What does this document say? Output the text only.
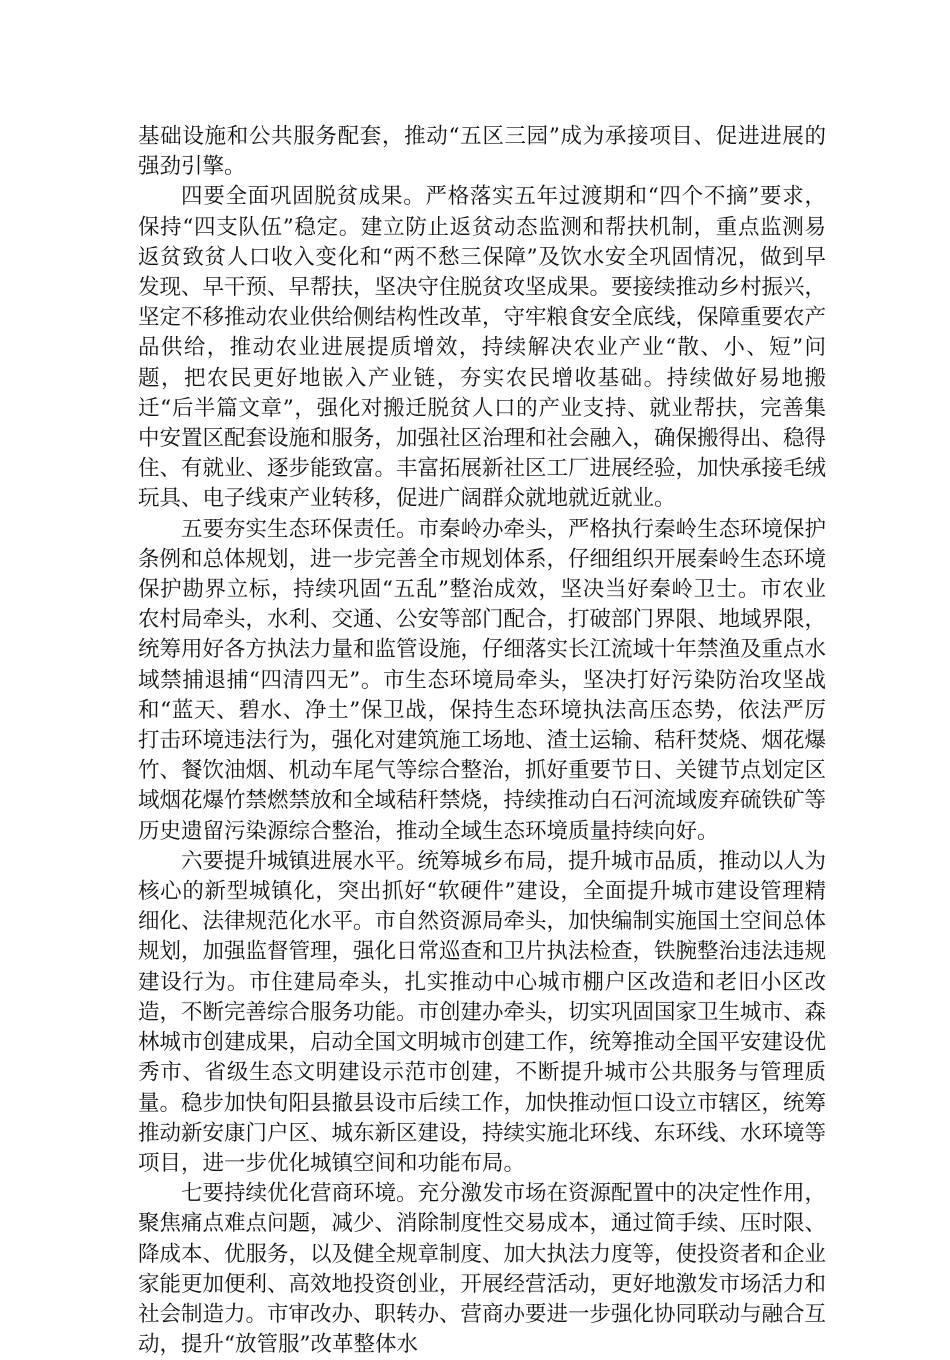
基础设施和公共服务配套，推动“五区三园”成为承接项目、促进进展的强劲引擎。

四要全面巩固脱贫成果。严格落实五年过渡期和“四个不摘”要求，保持“四支队伍”稳定。建立防止返贫动态监测和帮扶机制，重点监测易返贫致贫人口收入变化和“两不愁三保障”及饮水安全巩固情况，做到早发现、早干预、早帮扶，坚决守住脱贫攻坚成果。要接续推动乡村振兴，坚定不移推动农业供给侧结构性改革，守牢粮食安全底线，保障重要农产品供给，推动农业进展提质增效，持续解决农业产业“散、小、短”问题，把农民更好地嵌入产业链，夯实农民增收基础。持续做好易地搬迁“后半篇文章”，强化对搬迁脱贫人口的产业支持、就业帮扶，完善集中安置区配套设施和服务，加强社区治理和社会融入，确保搬得出、稳得住、有就业、逐步能致富。丰富拓展新社区工厂进展经验，加快承接毛绒玩具、电子线束产业转移，促进广阔群众就地就近就业。

五要夯实生态环保责任。市秦岭办牵头，严格执行秦岭生态环境保护条例和总体规划，进一步完善全市规划体系，仔细组织开展秦岭生态环境保护勘界立标，持续巩固“五乱”整治成效，坚决当好秦岭卫士。市农业农村局牵头，水利、交通、公安等部门配合，打破部门界限、地域界限，统筹用好各方执法力量和监管设施，仔细落实长江流域十年禁渔及重点水域禁捕退捕“四清四无”。市生态环境局牵头，坚决打好污染防治攻坚战和“蓝天、碧水、净土”保卫战，保持生态环境执法高压态势，依法严厉打击环境违法行为，强化对建筑施工场地、渣土运输、秸秆焚烧、烟花爆竹、餐饮油烟、机动车尾气等综合整治，抓好重要节日、关键节点划定区域烟花爆竹禁燃禁放和全域秸秆禁烧，持续推动白石河流域废弃硫铁矿等历史遗留污染源综合整治，推动全域生态环境质量持续向好。

六要提升城镇进展水平。统筹城乡布局，提升城市品质，推动以人为核心的新型城镇化，突出抓好“软硬件”建设，全面提升城市建设管理精细化、法律规范化水平。市自然资源局牵头，加快编制实施国土空间总体规划，加强监督管理，强化日常巡查和卫片执法检查，铁腕整治违法违规建设行为。市住建局牵头，扎实推动中心城市棚户区改造和老旧小区改造，不断完善综合服务功能。市创建办牵头，切实巩固国家卫生城市、森林城市创建成果，启动全国文明城市创建工作，统筹推动全国平安建设优秀市、省级生态文明建设示范市创建，不断提升城市公共服务与管理质量。稳步加快旬阳县撤县设市后续工作，加快推动恒口设立市辖区，统筹推动新安康门户区、城东新区建设，持续实施北环线、东环线、水环境等项目，进一步优化城镇空间和功能布局。

七要持续优化营商环境。充分激发市场在资源配置中的决定性作用，聚焦痛点难点问题，减少、消除制度性交易成本，通过简手续、压时限、降成本、优服务，以及健全规章制度、加大执法力度等，使投资者和企业家能更加便利、高效地投资创业，开展经营活动，更好地激发市场活力和社会制造力。市审改办、职转办、营商办要进一步强化协同联动与融合互动，提升“放管服”改革整体水
